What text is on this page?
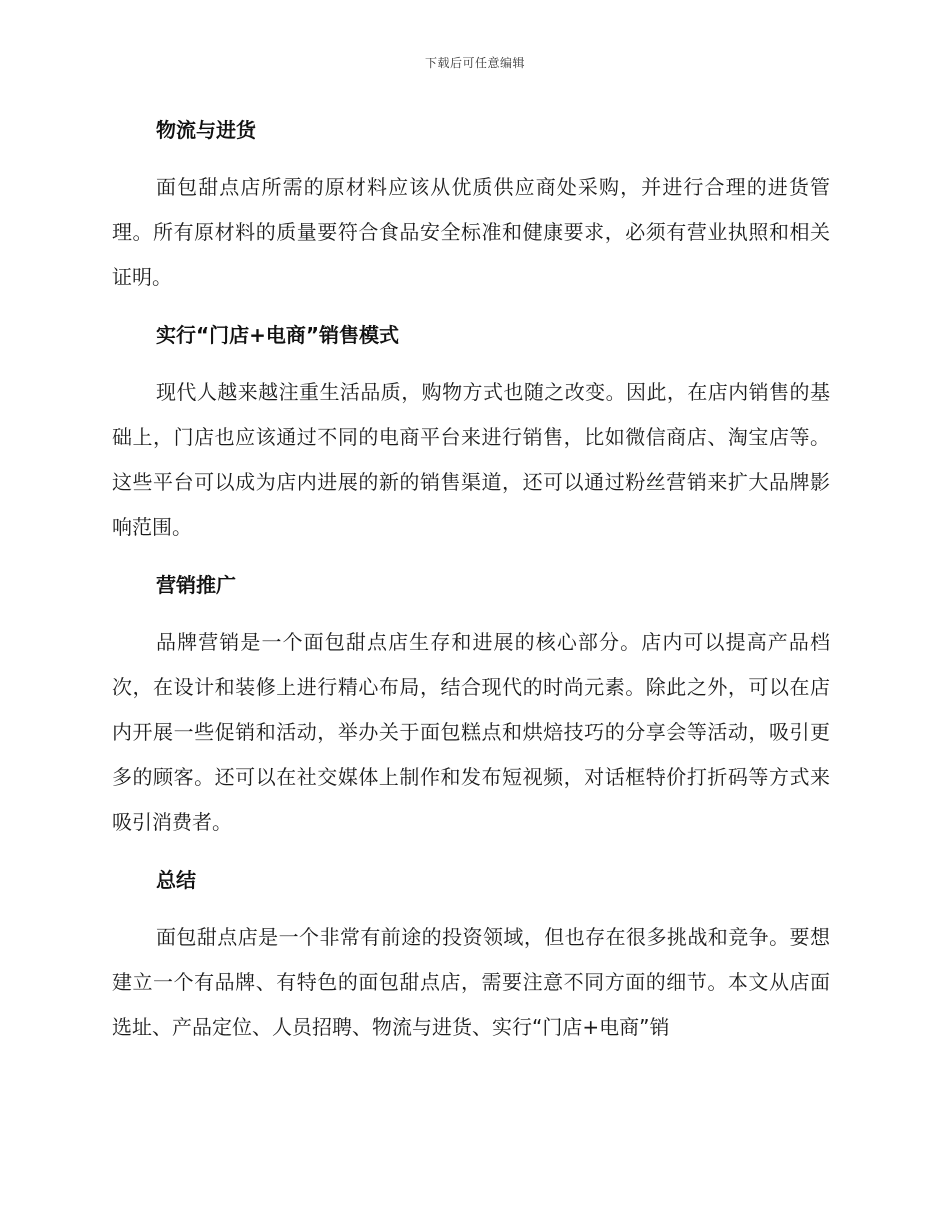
下载后可任意编辑
物流与进货
面包甜点店所需的原材料应该从优质供应商处采购，并进行合理的进货管理。所有原材料的质量要符合食品安全标准和健康要求，必须有营业执照和相关证明。
实行“门店+电商”销售模式
现代人越来越注重生活品质，购物方式也随之改变。因此，在店内销售的基础上，门店也应该通过不同的电商平台来进行销售，比如微信商店、淘宝店等。这些平台可以成为店内进展的新的销售渠道，还可以通过粉丝营销来扩大品牌影响范围。
营销推广
品牌营销是一个面包甜点店生存和进展的核心部分。店内可以提高产品档次，在设计和装修上进行精心布局，结合现代的时尚元素。除此之外，可以在店内开展一些促销和活动，举办关于面包糕点和烘焙技巧的分享会等活动，吸引更多的顾客。还可以在社交媒体上制作和发布短视频，对话框特价打折码等方式来吸引消费者。
总结
面包甜点店是一个非常有前途的投资领域，但也存在很多挑战和竞争。要想建立一个有品牌、有特色的面包甜点店，需要注意不同方面的细节。本文从店面选址、产品定位、人员招聘、物流与进货、实行“门店+电商”销
